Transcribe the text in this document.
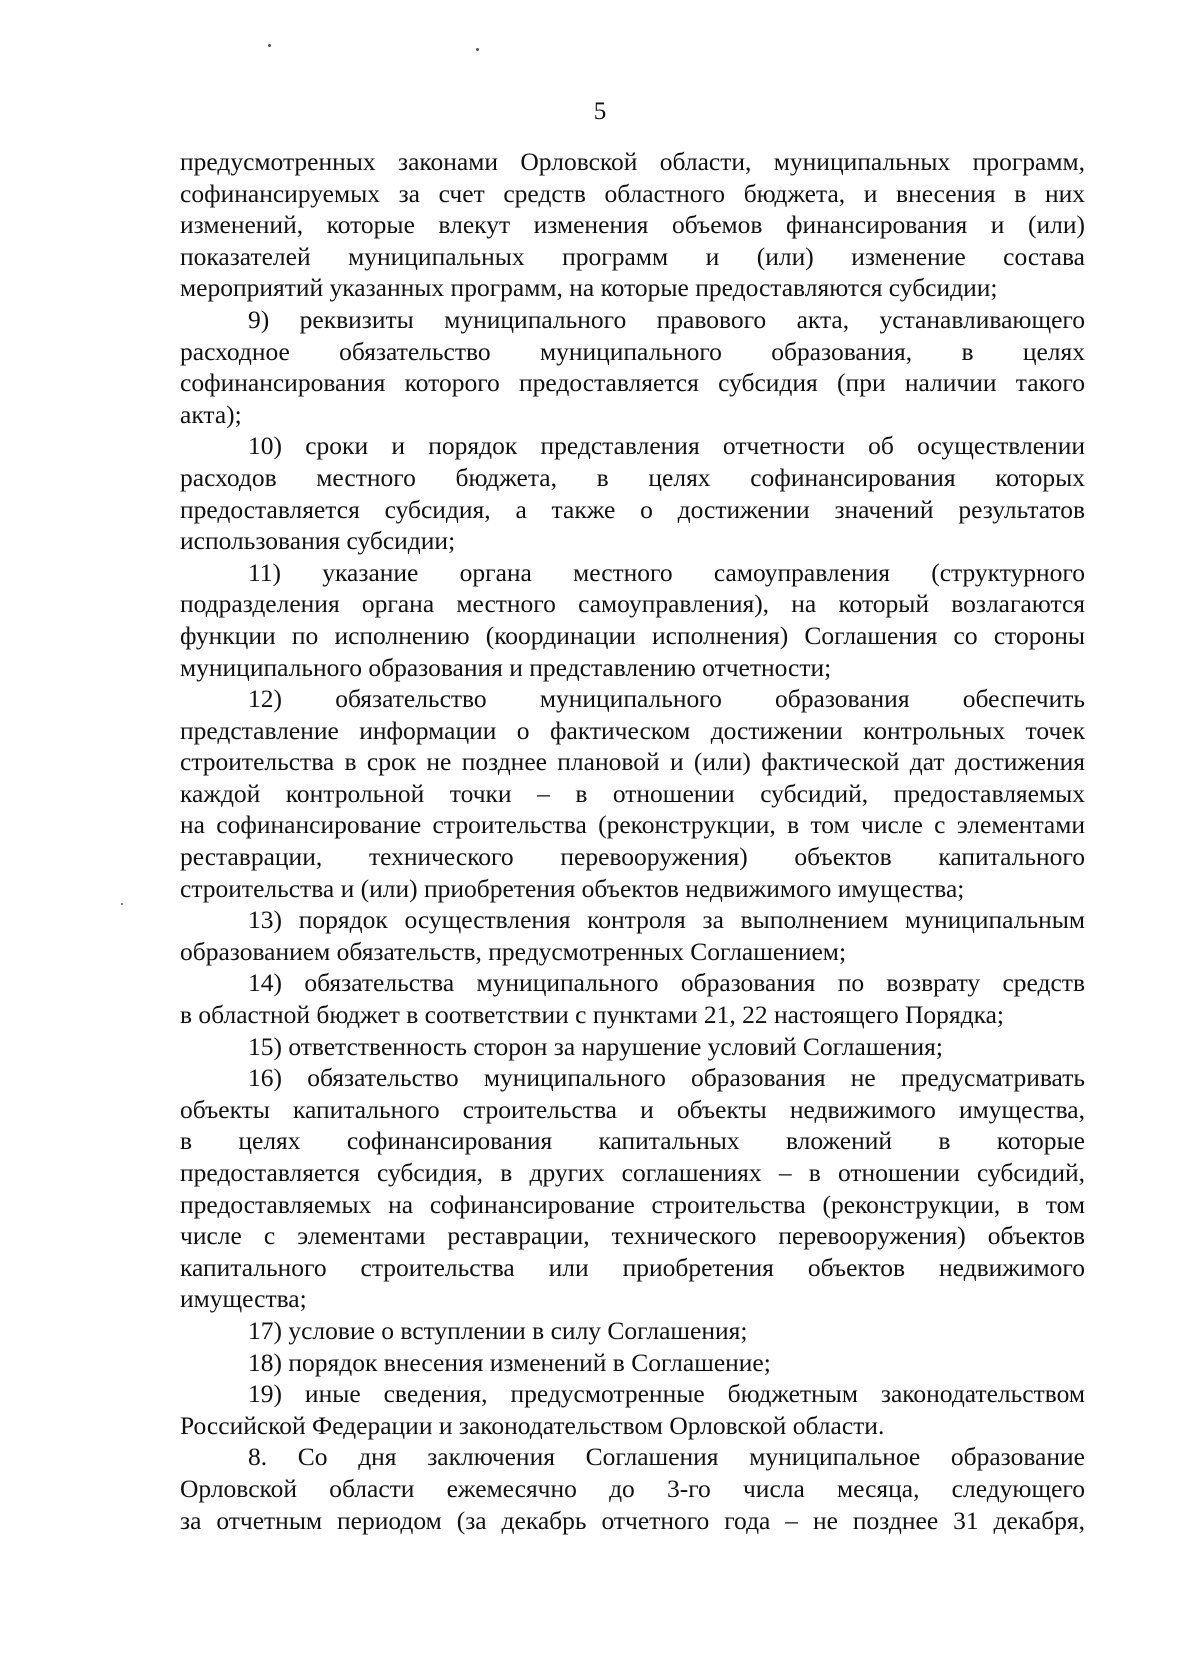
5
предусмотренных законами Орловской области, муниципальных программ,
софинансируемых за счет средств областного бюджета, и внесения в них
изменений, которые влекут изменения объемов финансирования и (или)
показателей муниципальных программ и (или) изменение состава
мероприятий указанных программ, на которые предоставляются субсидии;
9) реквизиты муниципального правового акта, устанавливающего
расходное обязательство муниципального образования, в целях
софинансирования которого предоставляется субсидия (при наличии такого
акта);
10) сроки и порядок представления отчетности об осуществлении
расходов местного бюджета, в целях софинансирования которых
предоставляется субсидия, а также о достижении значений результатов
использования субсидии;
11) указание органа местного самоуправления (структурного
подразделения органа местного самоуправления), на который возлагаются
функции по исполнению (координации исполнения) Соглашения со стороны
муниципального образования и представлению отчетности;
12) обязательство муниципального образования обеспечить
представление информации о фактическом достижении контрольных точек
строительства в срок не позднее плановой и (или) фактической дат достижения
каждой контрольной точки – в отношении субсидий, предоставляемых
на софинансирование строительства (реконструкции, в том числе с элементами
реставрации, технического перевооружения) объектов капитального
строительства и (или) приобретения объектов недвижимого имущества;
13) порядок осуществления контроля за выполнением муниципальным
образованием обязательств, предусмотренных Соглашением;
14) обязательства муниципального образования по возврату средств
в областной бюджет в соответствии с пунктами 21, 22 настоящего Порядка;
15) ответственность сторон за нарушение условий Соглашения;
16) обязательство муниципального образования не предусматривать
объекты капитального строительства и объекты недвижимого имущества,
в целях софинансирования капитальных вложений в которые
предоставляется субсидия, в других соглашениях – в отношении субсидий,
предоставляемых на софинансирование строительства (реконструкции, в том
числе с элементами реставрации, технического перевооружения) объектов
капитального строительства или приобретения объектов недвижимого
имущества;
17) условие о вступлении в силу Соглашения;
18) порядок внесения изменений в Соглашение;
19) иные сведения, предусмотренные бюджетным законодательством
Российской Федерации и законодательством Орловской области.
8. Со дня заключения Соглашения муниципальное образование
Орловской области ежемесячно до 3-го числа месяца, следующего
за отчетным периодом (за декабрь отчетного года – не позднее 31 декабря,
